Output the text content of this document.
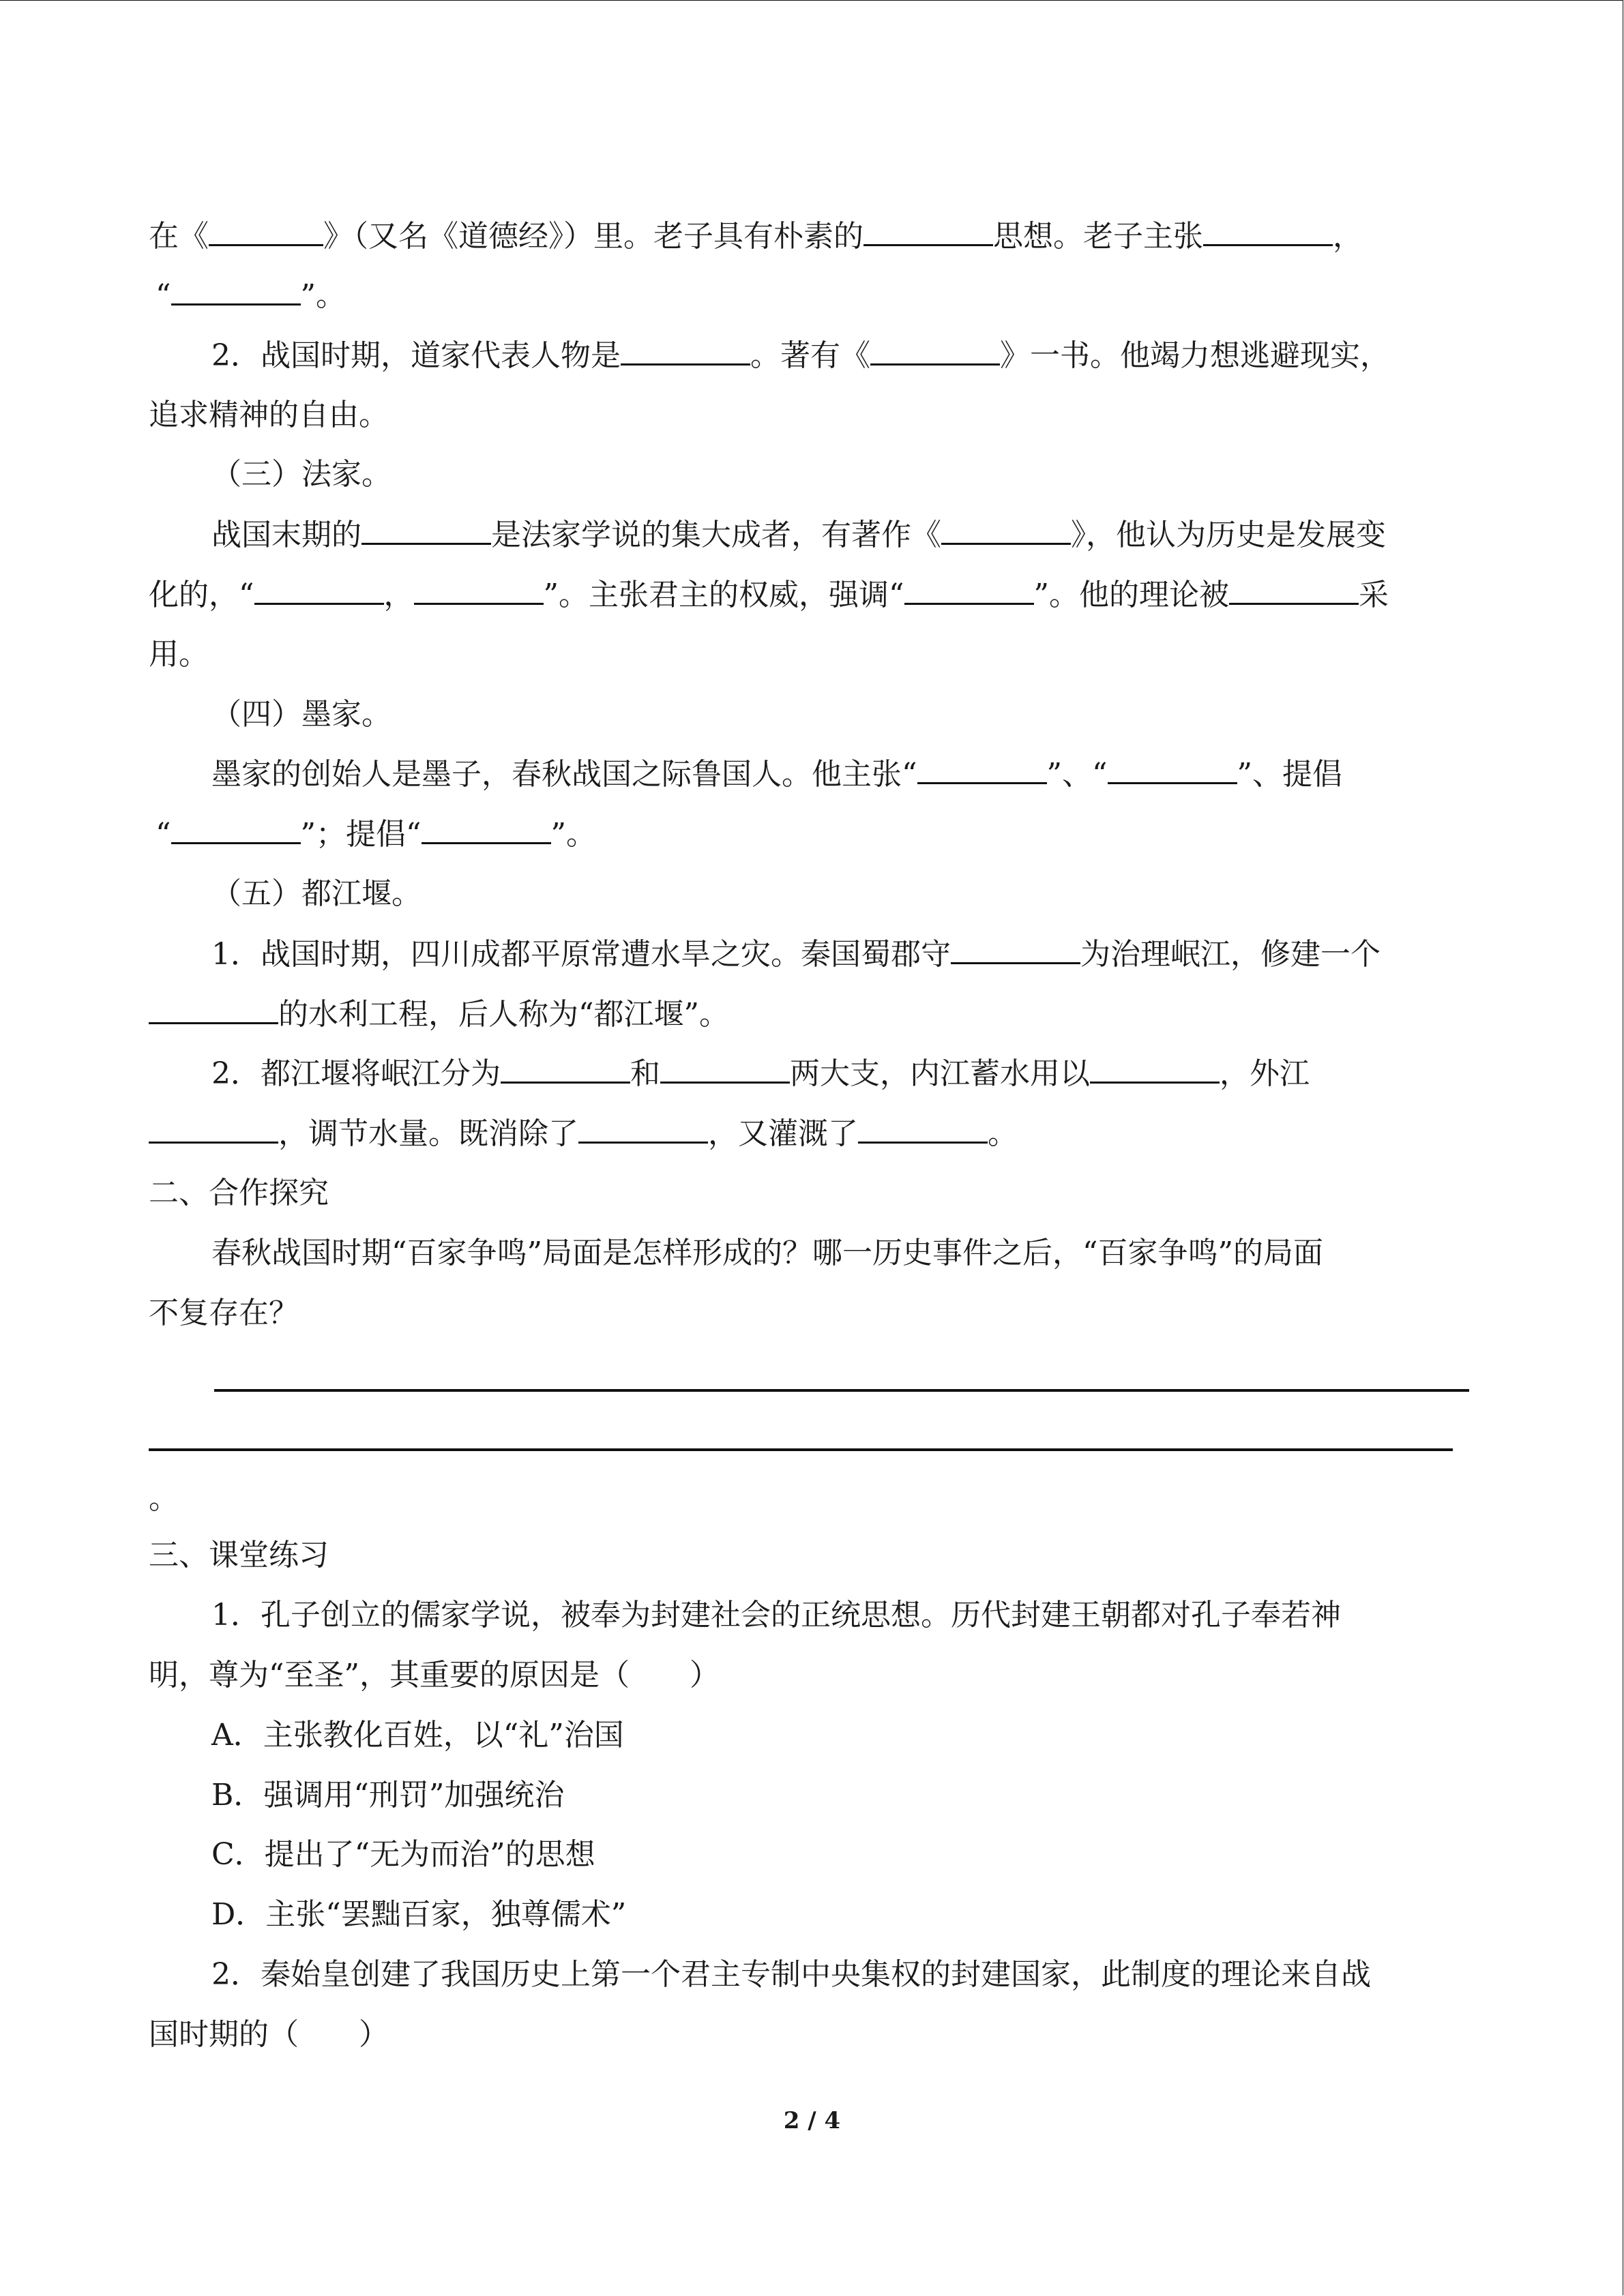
在《	》（又名《道德经》）里。老子具有朴素的	思想。老子主张	，
“	”。
2．战国时期，道家代表人物是	。著有《	》一书。他竭力想逃避现实，
追求精神的自由。
（三）法家。
战国末期的	是法家学说的集大成者，有著作《	》，他认为历史是发展变
化的，“	，	”。主张君主的权威，强调“	”。他的理论被	采
用。
（四）墨家。
墨家的创始人是墨子，春秋战国之际鲁国人。他主张“	”、“	”、提倡
“	”；提倡“	”。
（五）都江堰。
1．战国时期，四川成都平原常遭水旱之灾。秦国蜀郡守	为治理岷江，修建一个
的水利工程，后人称为“都江堰”。
2．都江堰将岷江分为	和	两大支，内江蓄水用以	，外江
，调节水量。既消除了	，又灌溉了	。
二、合作探究
春秋战国时期“百家争鸣”局面是怎样形成的？哪一历史事件之后，“百家争鸣”的局面
不复存在？
。
三、课堂练习
1．孔子创立的儒家学说，被奉为封建社会的正统思想。历代封建王朝都对孔子奉若神
明，尊为“至圣”，其重要的原因是（　　）
A．主张教化百姓，以“礼”治国
B．强调用“刑罚”加强统治
C．提出了“无为而治”的思想
D．主张“罢黜百家，独尊儒术”
2．秦始皇创建了我国历史上第一个君主专制中央集权的封建国家，此制度的理论来自战
国时期的（　　）
2 / 4
